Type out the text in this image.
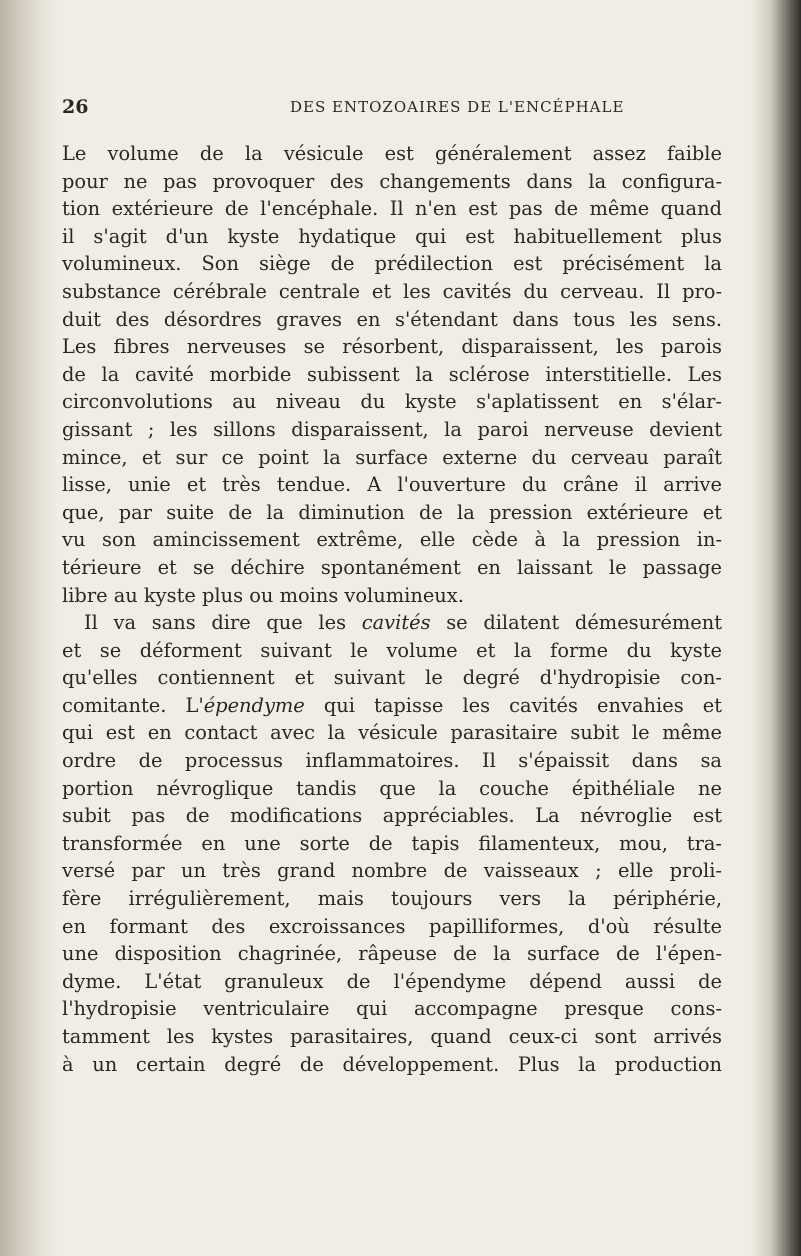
26	DES ENTOZOAIRES DE L'ENCÉPHALE
Le volume de la vésicule est généralement assez faible
pour ne pas provoquer des changements dans la configura-
tion extérieure de l'encéphale. Il n'en est pas de même quand
il s'agit d'un kyste hydatique qui est habituellement plus
volumineux. Son siège de prédilection est précisément la
substance cérébrale centrale et les cavités du cerveau. Il pro-
duit des désordres graves en s'étendant dans tous les sens.
Les fibres nerveuses se résorbent, disparaissent, les parois
de la cavité morbide subissent la sclérose interstitielle. Les
circonvolutions au niveau du kyste s'aplatissent en s'élar-
gissant ; les sillons disparaissent, la paroi nerveuse devient
mince, et sur ce point la surface externe du cerveau paraît
lisse, unie et très tendue. A l'ouverture du crâne il arrive
que, par suite de la diminution de la pression extérieure et
vu son amincissement extrême, elle cède à la pression in-
térieure et se déchire spontanément en laissant le passage
libre au kyste plus ou moins volumineux.
Il va sans dire que les cavités se dilatent démesurément
et se déforment suivant le volume et la forme du kyste
qu'elles contiennent et suivant le degré d'hydropisie con-
comitante. L'épendyme qui tapisse les cavités envahies et
qui est en contact avec la vésicule parasitaire subit le même
ordre de processus inflammatoires. Il s'épaissit dans sa
portion névroglique tandis que la couche épithéliale ne
subit pas de modifications appréciables. La névroglie est
transformée en une sorte de tapis filamenteux, mou, tra-
versé par un très grand nombre de vaisseaux ; elle proli-
fère irrégulièrement, mais toujours vers la périphérie,
en formant des excroissances papilliformes, d'où résulte
une disposition chagrinée, râpeuse de la surface de l'épen-
dyme. L'état granuleux de l'épendyme dépend aussi de
l'hydropisie ventriculaire qui accompagne presque cons-
tamment les kystes parasitaires, quand ceux-ci sont arrivés
à un certain degré de développement. Plus la production
